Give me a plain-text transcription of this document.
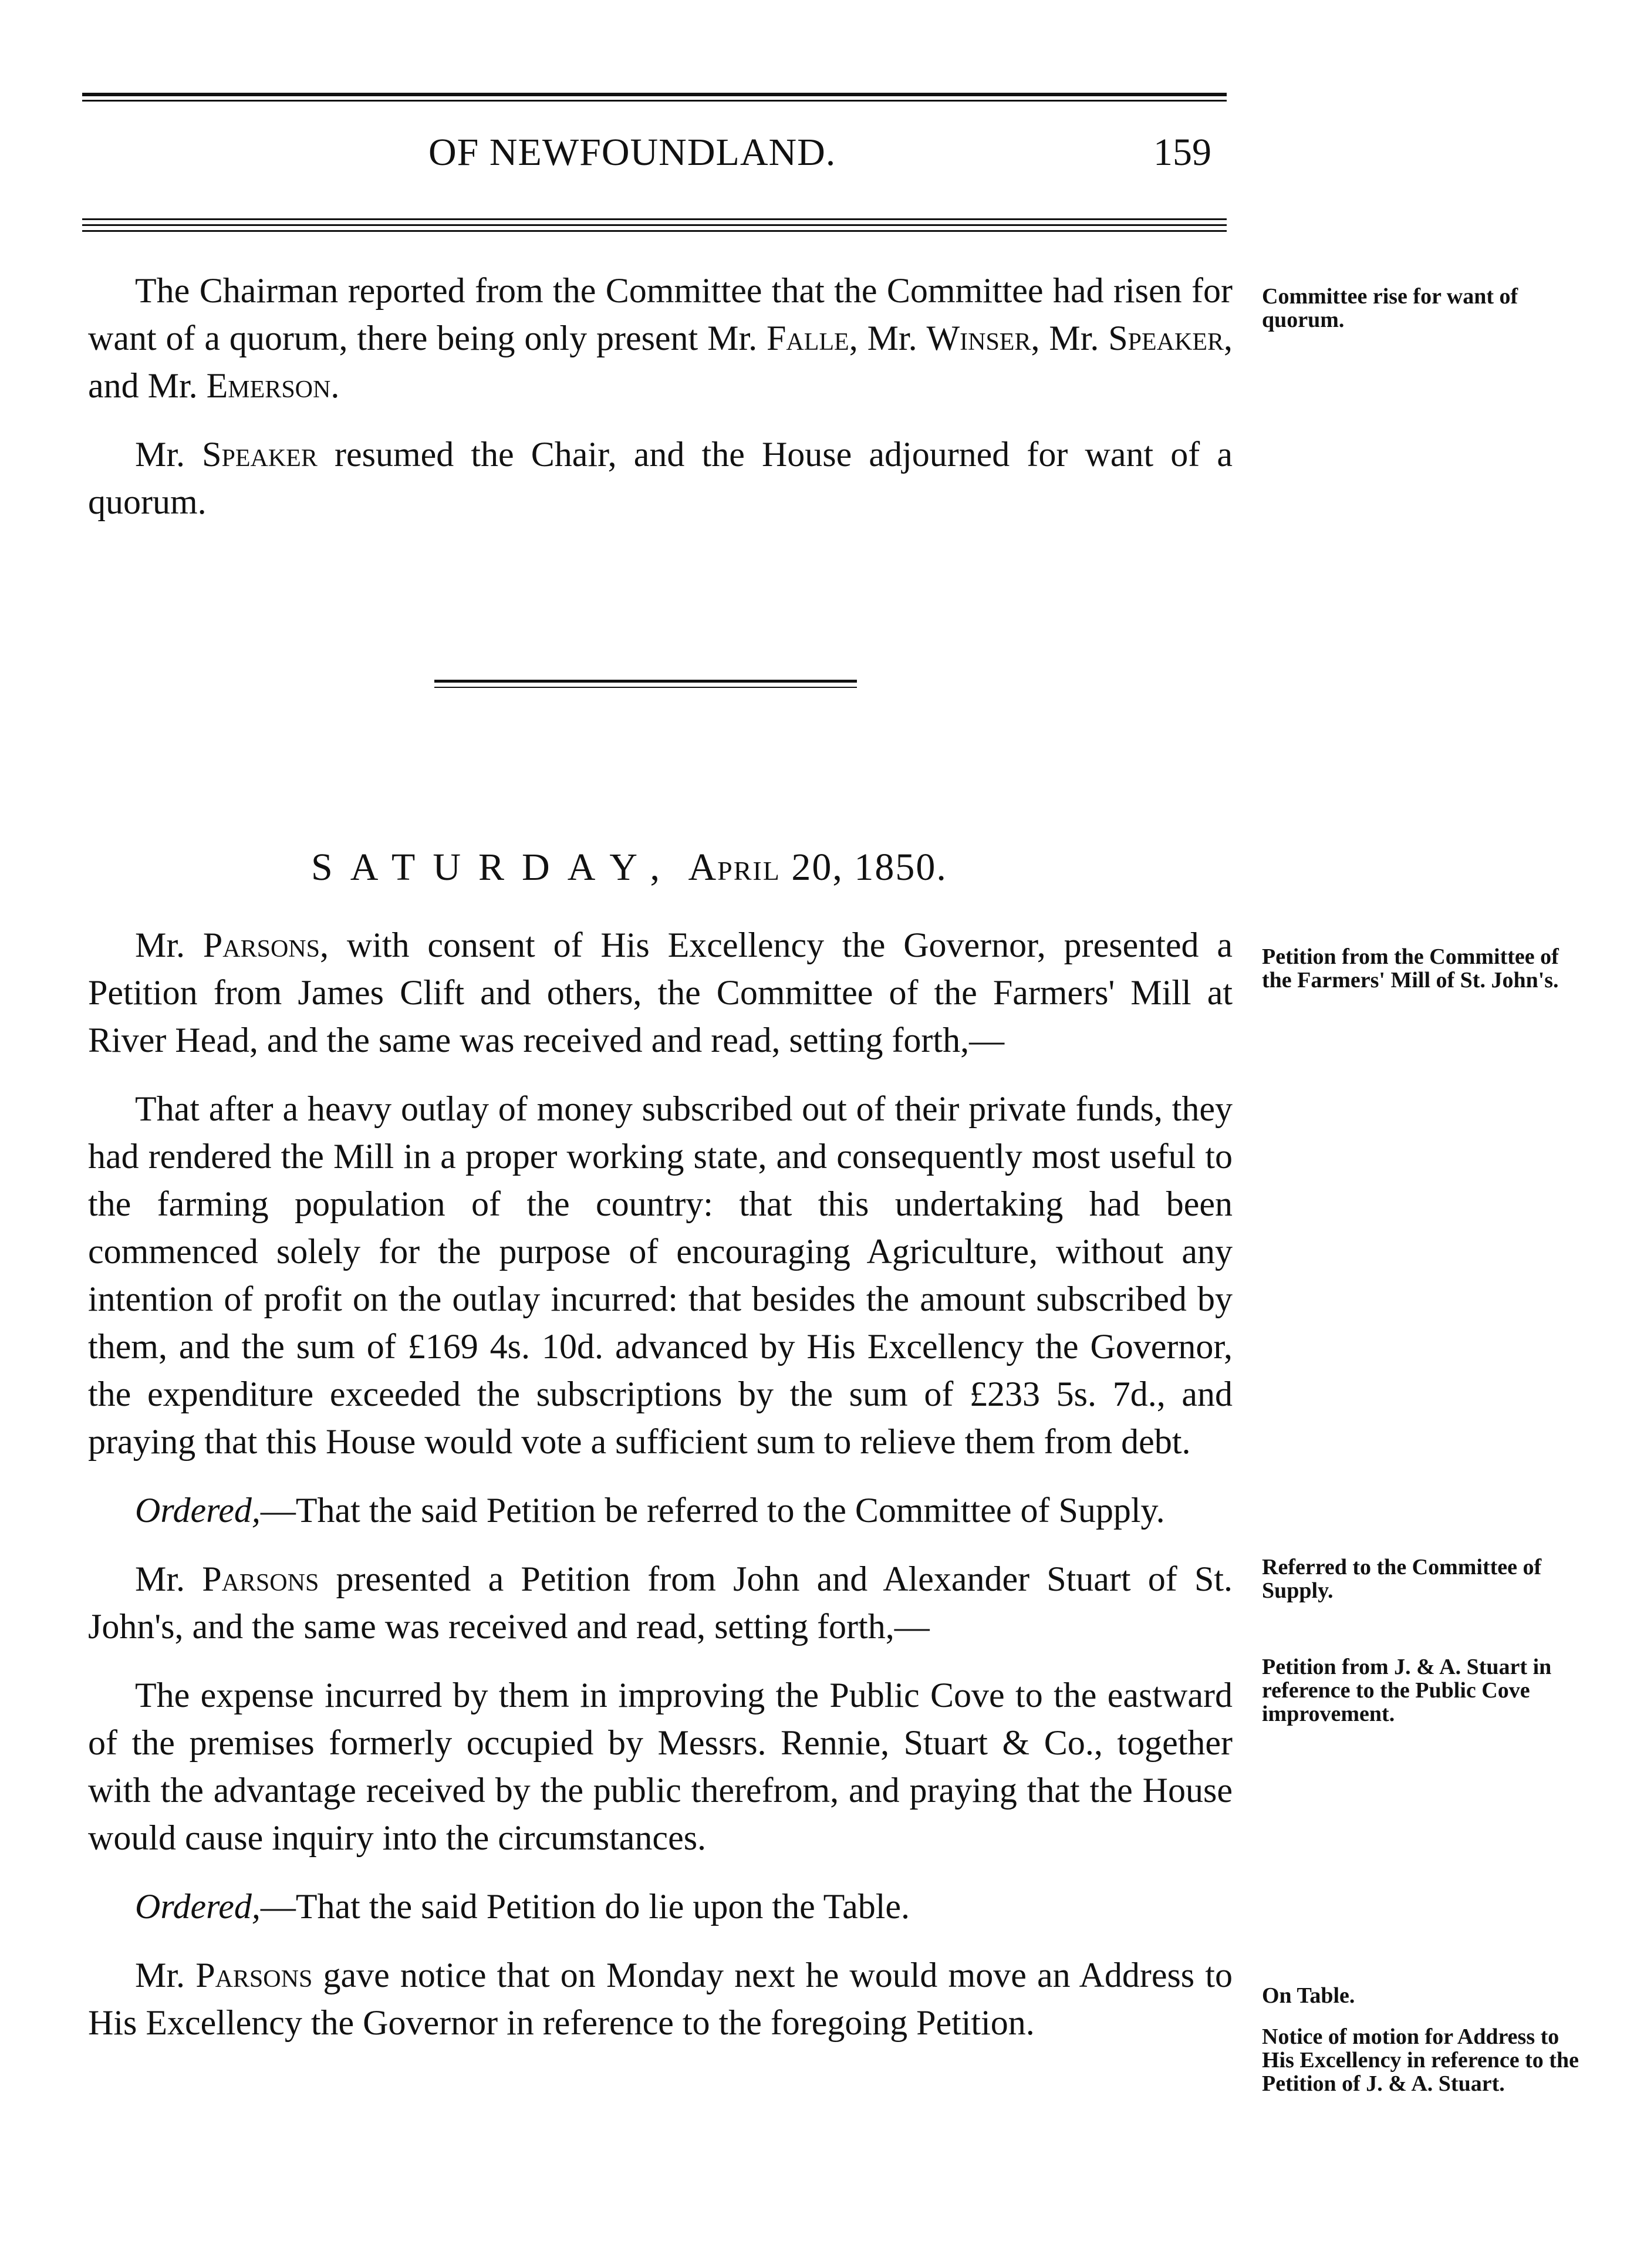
OF NEWFOUNDLAND.	159

The Chairman reported from the Committee that the Committee had risen for want of a quorum, there being only present Mr. Falle, Mr. Winser, Mr. Speaker, and Mr. Emerson.

Mr. Speaker resumed the Chair, and the House adjourned for want of a quorum.

Committee rise for want of quorum.
SATURDAY, April 20, 1850.

Mr. Parsons, with consent of His Excellency the Governor, presented a Petition from James Clift and others, the Committee of the Farmers' Mill at River Head, and the same was received and read, setting forth,—

That after a heavy outlay of money subscribed out of their private funds, they had rendered the Mill in a proper working state, and consequently most useful to the farming population of the country: that this undertaking had been commenced solely for the purpose of encouraging Agriculture, without any intention of profit on the outlay incurred: that besides the amount subscribed by them, and the sum of £169 4s. 10d. advanced by His Excellency the Governor, the expenditure exceeded the subscriptions by the sum of £233 5s. 7d., and praying that this House would vote a sufficient sum to relieve them from debt.

Ordered,—That the said Petition be referred to the Committee of Supply.

Mr. Parsons presented a Petition from John and Alexander Stuart of St. John's, and the same was received and read, setting forth,—

The expense incurred by them in improving the Public Cove to the eastward of the premises formerly occupied by Messrs. Rennie, Stuart & Co., together with the advantage received by the public therefrom, and praying that the House would cause inquiry into the circumstances.

Ordered,—That the said Petition do lie upon the Table.

Mr. Parsons gave notice that on Monday next he would move an Address to His Excellency the Governor in reference to the foregoing Petition.

Petition from the Committee of the Farmers' Mill of St. John's.
Referred to the Committee of Supply.
Petition from J. & A. Stuart in reference to the Public Cove improvement.
On Table.
Notice of motion for Address to His Excellency in reference to the Petition of J. & A. Stuart.
